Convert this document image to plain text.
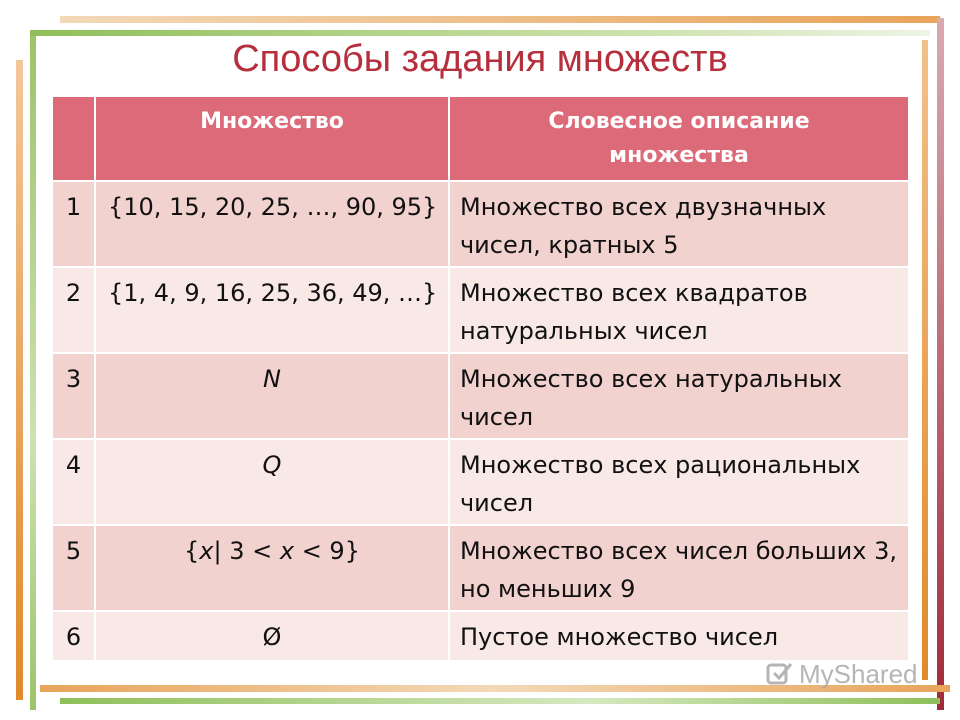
Способы задания множеств
	Множество	Словесное описание множества
1	{10, 15, 20, 25, …, 90, 95}	Множество всех двузначных чисел, кратных 5
2	{1, 4, 9, 16, 25, 36, 49, …}	Множество всех квадратов натуральных чисел
3	N	Множество всех натуральных чисел
4	Q	Множество всех рациональных чисел
5	{x| 3 < x < 9}	Множество всех чисел больших 3, но меньших 9
6	Ø	Пустое множество чисел
MyShared
